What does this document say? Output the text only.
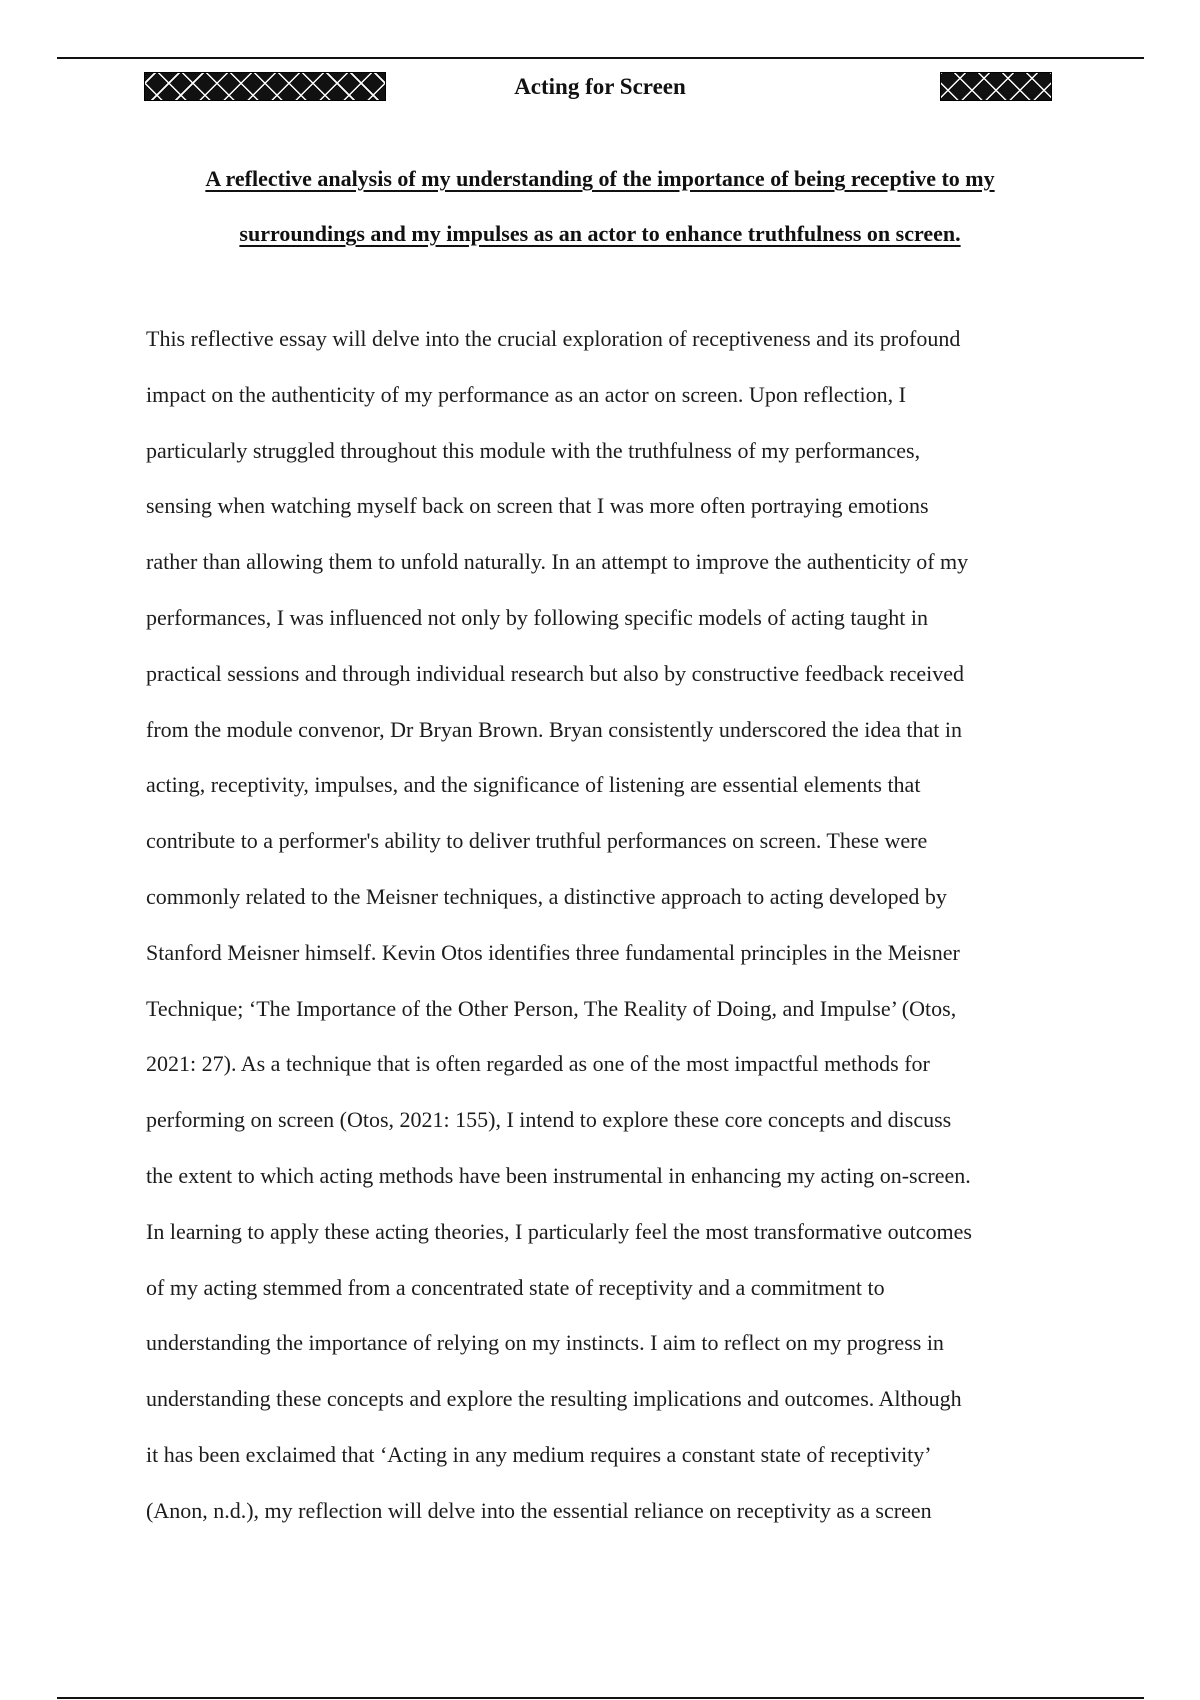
Acting for Screen
A reflective analysis of my understanding of the importance of being receptive to my
surroundings and my impulses as an actor to enhance truthfulness on screen.

This reflective essay will delve into the crucial exploration of receptiveness and its profound
impact on the authenticity of my performance as an actor on screen. Upon reflection, I
particularly struggled throughout this module with the truthfulness of my performances,
sensing when watching myself back on screen that I was more often portraying emotions
rather than allowing them to unfold naturally. In an attempt to improve the authenticity of my
performances, I was influenced not only by following specific models of acting taught in
practical sessions and through individual research but also by constructive feedback received
from the module convenor, Dr Bryan Brown. Bryan consistently underscored the idea that in
acting, receptivity, impulses, and the significance of listening are essential elements that
contribute to a performer's ability to deliver truthful performances on screen. These were
commonly related to the Meisner techniques, a distinctive approach to acting developed by
Stanford Meisner himself. Kevin Otos identifies three fundamental principles in the Meisner
Technique; ‘The Importance of the Other Person, The Reality of Doing, and Impulse’ (Otos,
2021: 27). As a technique that is often regarded as one of the most impactful methods for
performing on screen (Otos, 2021: 155), I intend to explore these core concepts and discuss
the extent to which acting methods have been instrumental in enhancing my acting on-screen.
In learning to apply these acting theories, I particularly feel the most transformative outcomes
of my acting stemmed from a concentrated state of receptivity and a commitment to
understanding the importance of relying on my instincts. I aim to reflect on my progress in
understanding these concepts and explore the resulting implications and outcomes. Although
it has been exclaimed that ‘Acting in any medium requires a constant state of receptivity’
(Anon, n.d.), my reflection will delve into the essential reliance on receptivity as a screen
